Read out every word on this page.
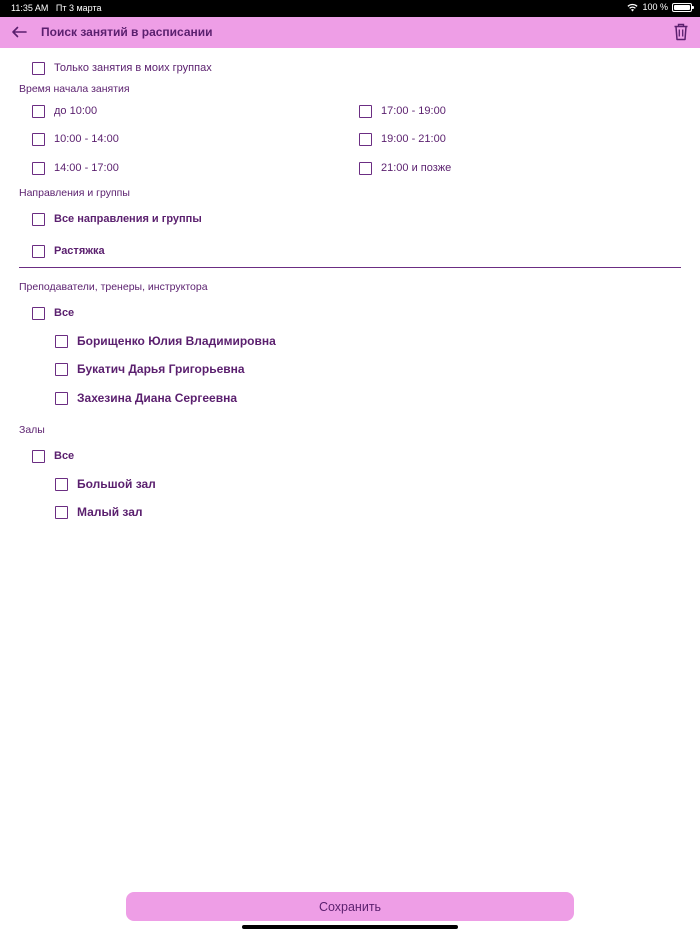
11:35 AM Пт 3 марта	100 %
Поиск занятий в расписании
Только занятия в моих группах
Время начала занятия
до 10:00
10:00 - 14:00
14:00 - 17:00
17:00 - 19:00
19:00 - 21:00
21:00 и позже
Направления и группы
Все направления и группы
Растяжка
Преподаватели, тренеры, инструктора
Все
Борищенко Юлия Владимировна
Букатич Дарья Григорьевна
Захезина Диана Сергеевна
Залы
Все
Большой зал
Малый зал
Сохранить
